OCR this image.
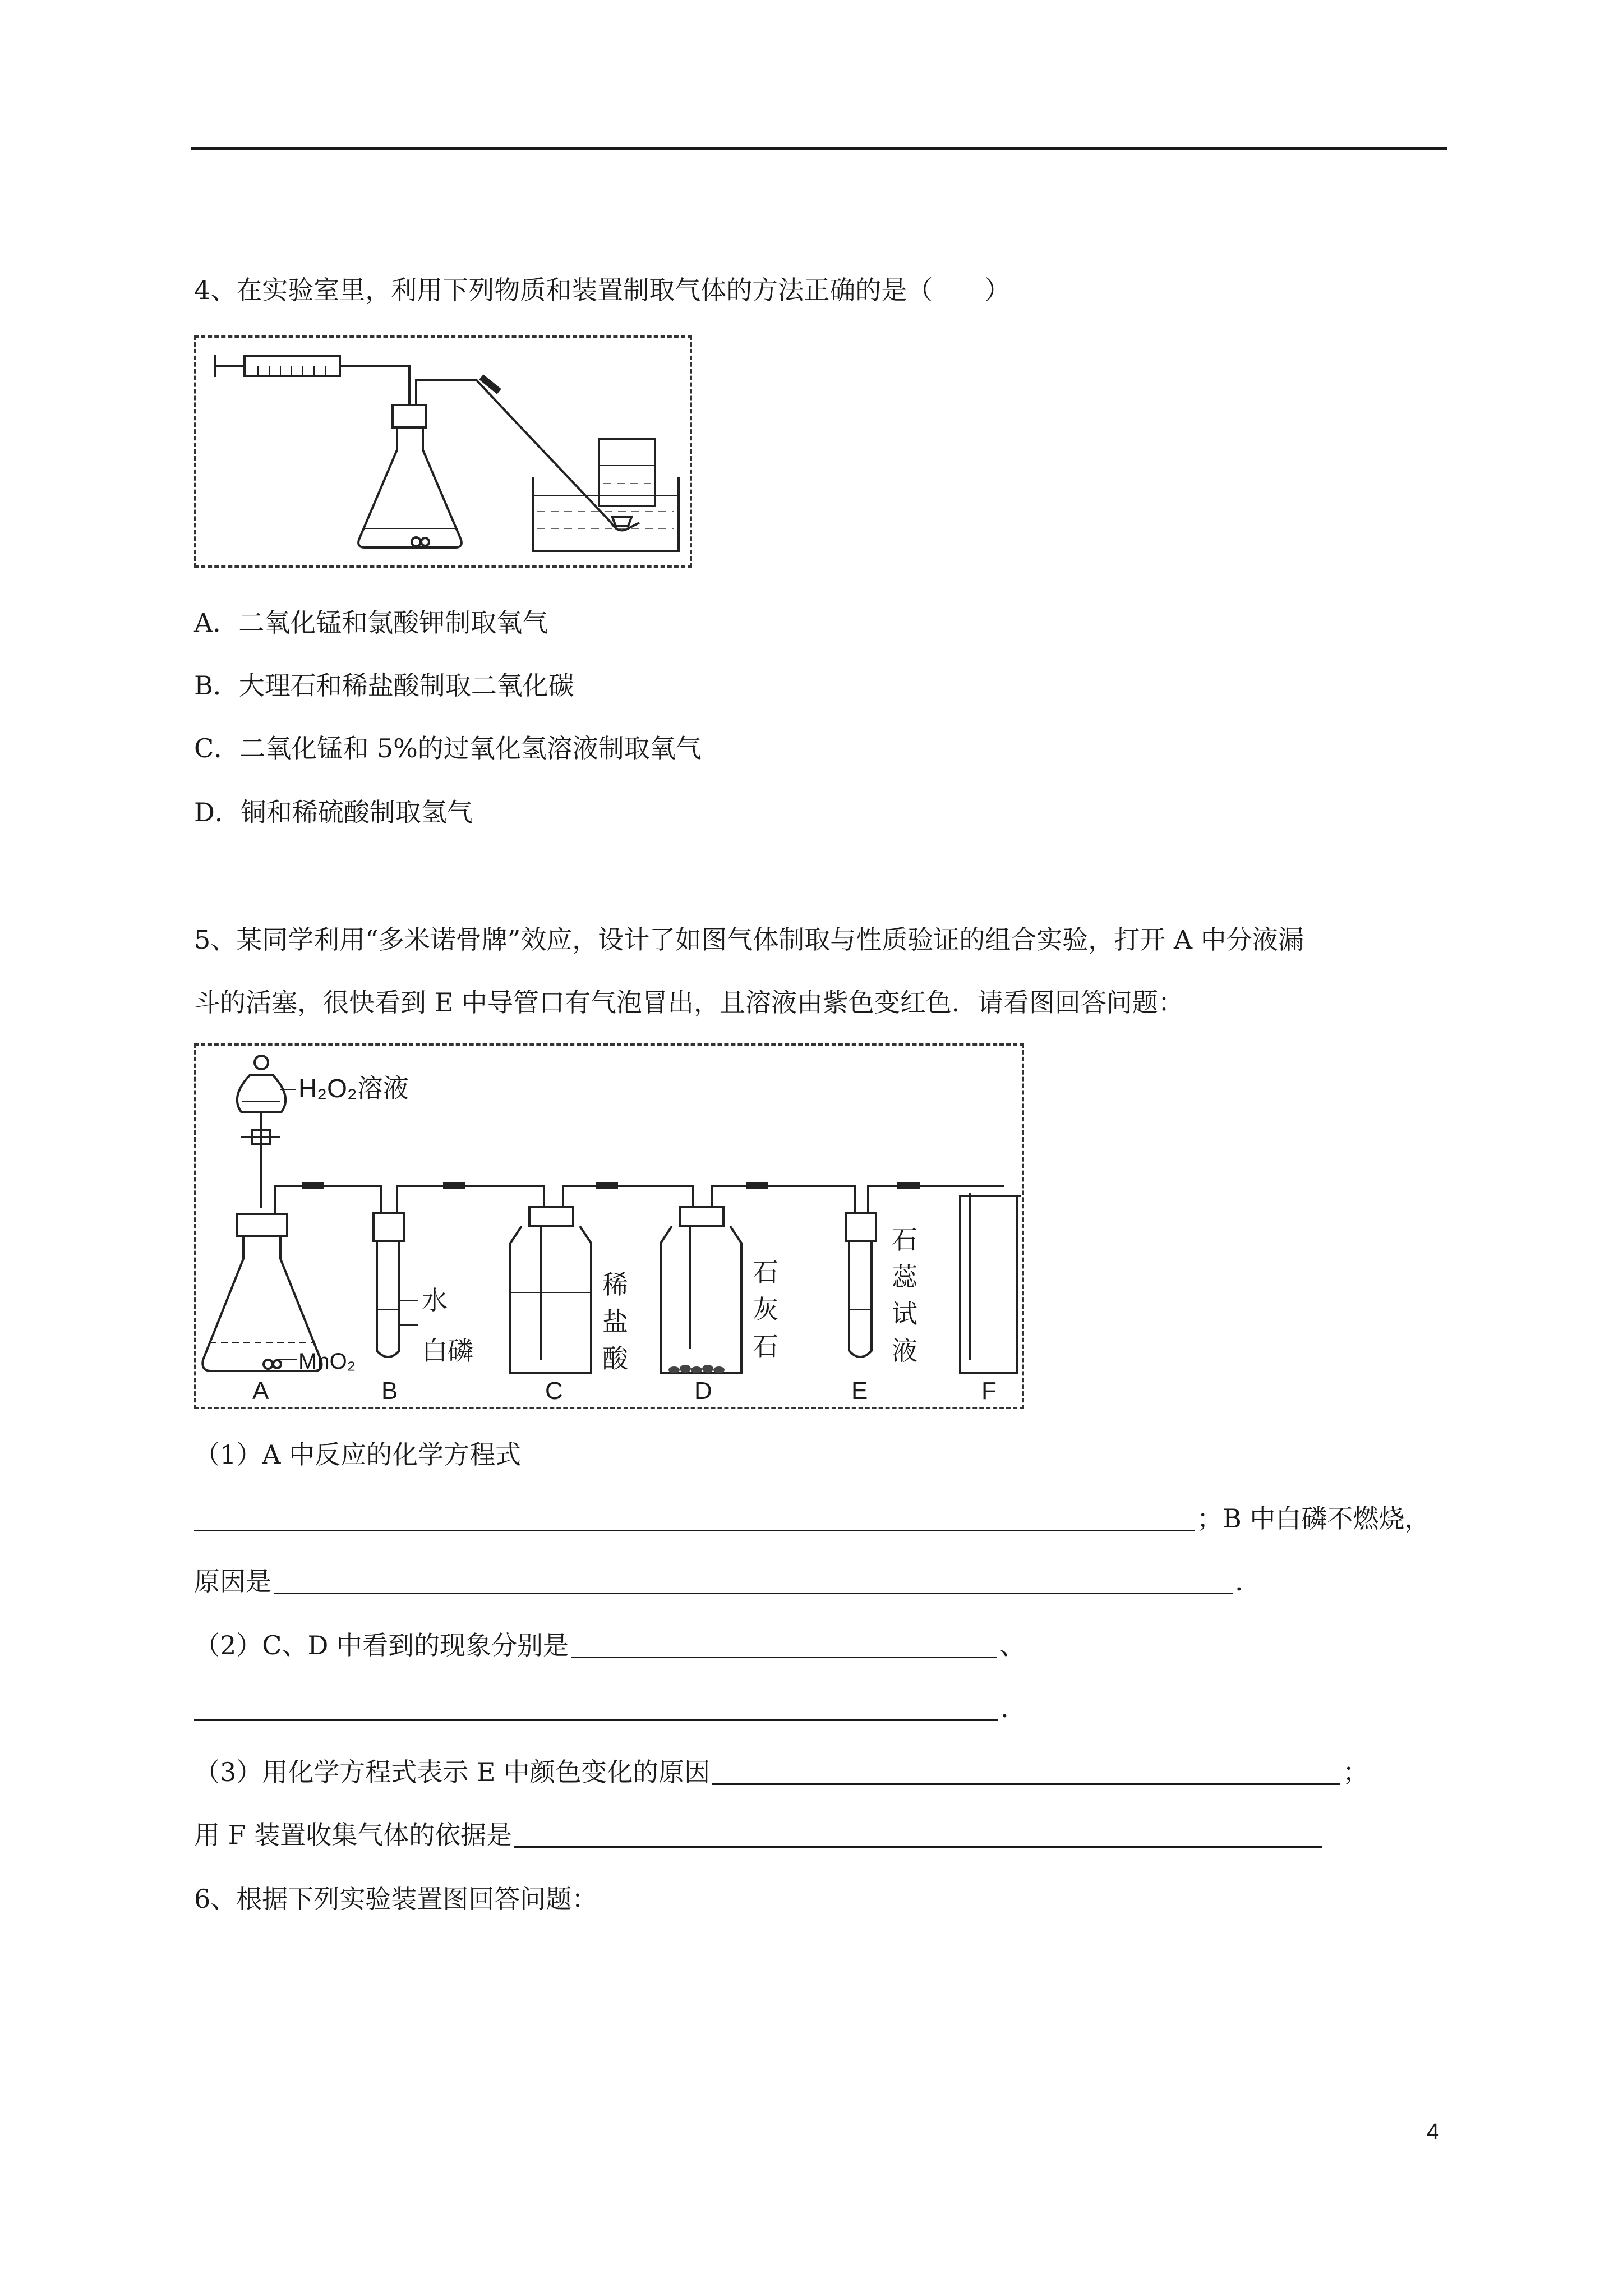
4、在实验室里，利用下列物质和装置制取气体的方法正确的是（　　）
A．二氧化锰和氯酸钾制取氧气
B．大理石和稀盐酸制取二氧化碳
C．二氧化锰和 5%的过氧化氢溶液制取氧气
D．铜和稀硫酸制取氢气
5、某同学利用“多米诺骨牌”效应，设计了如图气体制取与性质验证的组合实验，打开 A 中分液漏
斗的活塞，很快看到 E 中导管口有气泡冒出，且溶液由紫色变红色．请看图回答问题：
H₂O₂溶液
MnO₂
水
白磷
稀
盐
酸
石
灰
石
石
蕊
试
液
A	B	C	D	E	F
（1）A 中反应的化学方程式
；B 中白磷不燃烧，
原因是	.
（2）C、D 中看到的现象分别是	、
.
（3）用化学方程式表示 E 中颜色变化的原因	；
用 F 装置收集气体的依据是
6、根据下列实验装置图回答问题：
4
